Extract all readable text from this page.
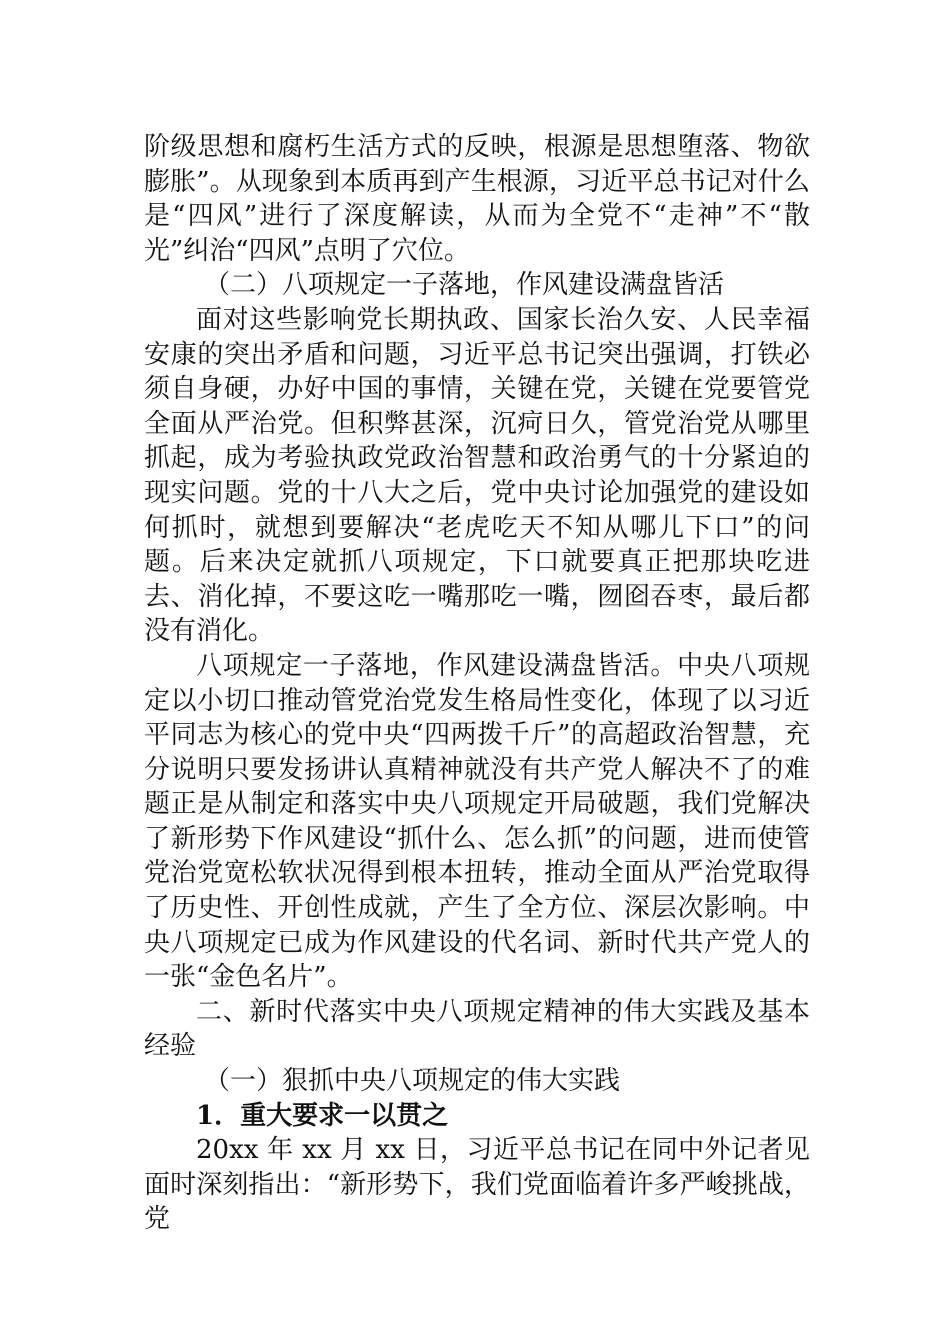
阶级思想和腐朽生活方式的反映，根源是思想堕落、物欲膨胀”。从现象到本质再到产生根源，习近平总书记对什么是“四风”进行了深度解读，从而为全党不“走神”不“散光”纠治“四风”点明了穴位。

（二）八项规定一子落地，作风建设满盘皆活

面对这些影响党长期执政、国家长治久安、人民幸福安康的突出矛盾和问题，习近平总书记突出强调，打铁必须自身硬，办好中国的事情，关键在党，关键在党要管党全面从严治党。但积弊甚深，沉疴日久，管党治党从哪里抓起，成为考验执政党政治智慧和政治勇气的十分紧迫的现实问题。党的十八大之后，党中央讨论加强党的建设如何抓时，就想到要解决“老虎吃天不知从哪儿下口”的问题。后来决定就抓八项规定，下口就要真正把那块吃进去、消化掉，不要这吃一嘴那吃一嘴，囫囵吞枣，最后都没有消化。

八项规定一子落地，作风建设满盘皆活。中央八项规定以小切口推动管党治党发生格局性变化，体现了以习近平同志为核心的党中央“四两拨千斤”的高超政治智慧，充分说明只要发扬讲认真精神就没有共产党人解决不了的难题正是从制定和落实中央八项规定开局破题，我们党解决了新形势下作风建设“抓什么、怎么抓”的问题，进而使管党治党宽松软状况得到根本扭转，推动全面从严治党取得了历史性、开创性成就，产生了全方位、深层次影响。中央八项规定已成为作风建设的代名词、新时代共产党人的一张“金色名片”。

二、新时代落实中央八项规定精神的伟大实践及基本经验

（一）狠抓中央八项规定的伟大实践

1．重大要求一以贯之

20xx 年 xx 月 xx 日，习近平总书记在同中外记者见面时深刻指出：“新形势下，我们党面临着许多严峻挑战，党
